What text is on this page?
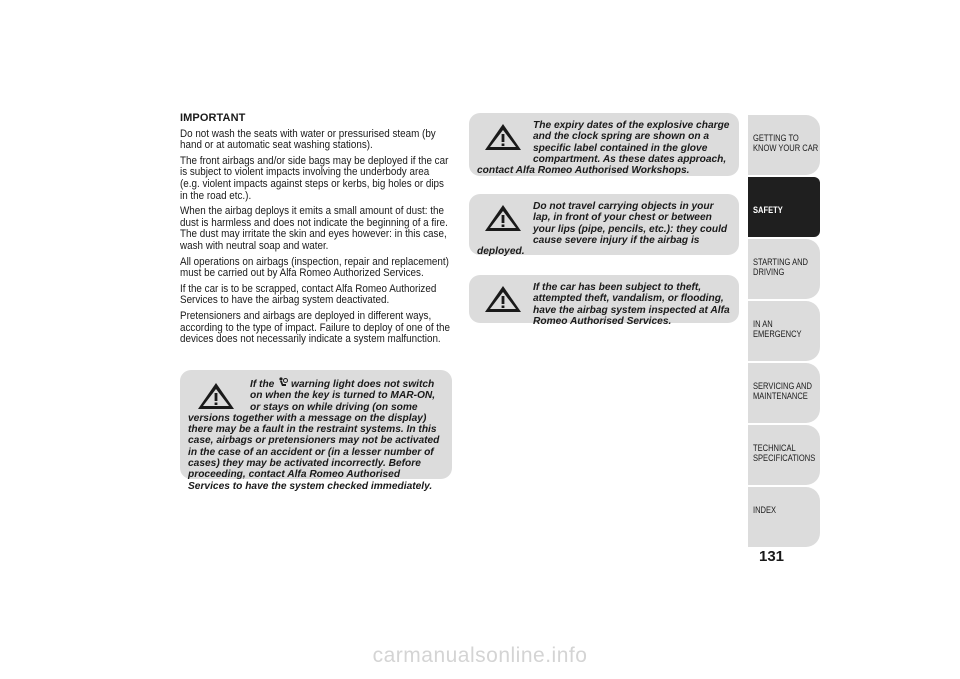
IMPORTANT
Do not wash the seats with water or pressurised steam (by hand or at automatic seat washing stations).
The front airbags and/or side bags may be deployed if the car is subject to violent impacts involving the underbody area (e.g. violent impacts against steps or kerbs, big holes or dips in the road etc.).
When the airbag deploys it emits a small amount of dust: the dust is harmless and does not indicate the beginning of a fire. The dust may irritate the skin and eyes however: in this case, wash with neutral soap and water.
All operations on airbags (inspection, repair and replacement) must be carried out by Alfa Romeo Authorized Services.
If the car is to be scrapped, contact Alfa Romeo Authorized Services to have the airbag system deactivated.
Pretensioners and airbags are deployed in different ways, according to the type of impact. Failure to deploy of one of the devices does not necessarily indicate a system malfunction.
If the warning light does not switch on when the key is turned to MAR-ON, or stays on while driving (on some versions together with a message on the display) there may be a fault in the restraint systems. In this case, airbags or pretensioners may not be activated in the case of an accident or (in a lesser number of cases) they may be activated incorrectly. Before proceeding, contact Alfa Romeo Authorised Services to have the system checked immediately.
The expiry dates of the explosive charge and the clock spring are shown on a specific label contained in the glove compartment. As these dates approach, contact Alfa Romeo Authorised Workshops.
Do not travel carrying objects in your lap, in front of your chest or between your lips (pipe, pencils, etc.): they could cause severe injury if the airbag is deployed.
If the car has been subject to theft, attempted theft, vandalism, or flooding, have the airbag system inspected at Alfa Romeo Authorised Services.
GETTING TO KNOW YOUR CAR
SAFETY
STARTING AND DRIVING
IN AN EMERGENCY
SERVICING AND MAINTENANCE
TECHNICAL SPECIFICATIONS
INDEX
131
carmanualsonline.info
